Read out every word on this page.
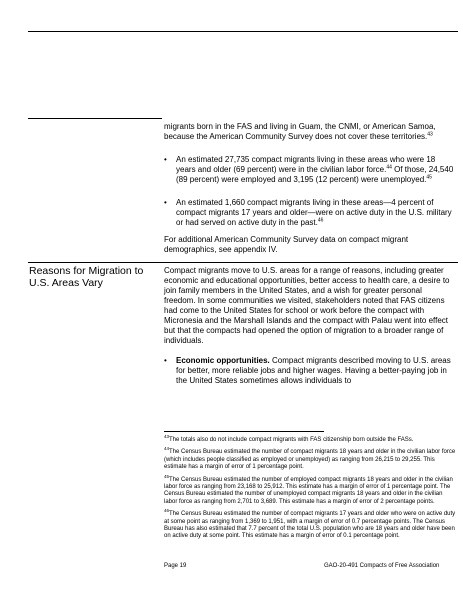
migrants born in the FAS and living in Guam, the CNMI, or American Samoa, because the American Community Survey does not cover these territories.$^{43}$
• An estimated 27,735 compact migrants living in these areas who were 18 years and older (69 percent) were in the civilian labor force.$^{44}$ Of those, 24,540 (89 percent) were employed and 3,195 (12 percent) were unemployed.$^{45}$
• An estimated 1,660 compact migrants living in these areas—4 percent of compact migrants 17 years and older—were on active duty in the U.S. military or had served on active duty in the past.$^{46}$

For additional American Community Survey data on compact migrant demographics, see appendix IV.

Reasons for Migration to U.S. Areas Vary

Compact migrants move to U.S. areas for a range of reasons, including greater economic and educational opportunities, better access to health care, a desire to join family members in the United States, and a wish for greater personal freedom. In some communities we visited, stakeholders noted that FAS citizens had come to the United States for school or work before the compact with Micronesia and the Marshall Islands and the compact with Palau went into effect but that the compacts had opened the option of migration to a broader range of individuals.

• Economic opportunities. Compact migrants described moving to U.S. areas for better, more reliable jobs and higher wages. Having a better-paying job in the United States sometimes allows individuals to

$^{43}$The totals also do not include compact migrants with FAS citizenship born outside the FASs.

$^{44}$The Census Bureau estimated the number of compact migrants 18 years and older in the civilian labor force (which includes people classified as employed or unemployed) as ranging from 26,215 to 29,255. This estimate has a margin of error of 1 percentage point.

$^{45}$The Census Bureau estimated the number of employed compact migrants 18 years and older in the civilian labor force as ranging from 23,168 to 25,912. This estimate has a margin of error of 1 percentage point. The Census Bureau estimated the number of unemployed compact migrants 18 years and older in the civilian labor force as ranging from 2,701 to 3,689. This estimate has a margin of error of 2 percentage points.

$^{46}$The Census Bureau estimated the number of compact migrants 17 years and older who were on active duty at some point as ranging from 1,369 to 1,951, with a margin of error of 0.7 percentage points. The Census Bureau has also estimated that 7.7 percent of the total U.S. population who are 18 years and older have been on active duty at some point. This estimate has a margin of error of 0.1 percentage point.

Page 19	GAO-20-491 Compacts of Free Association
